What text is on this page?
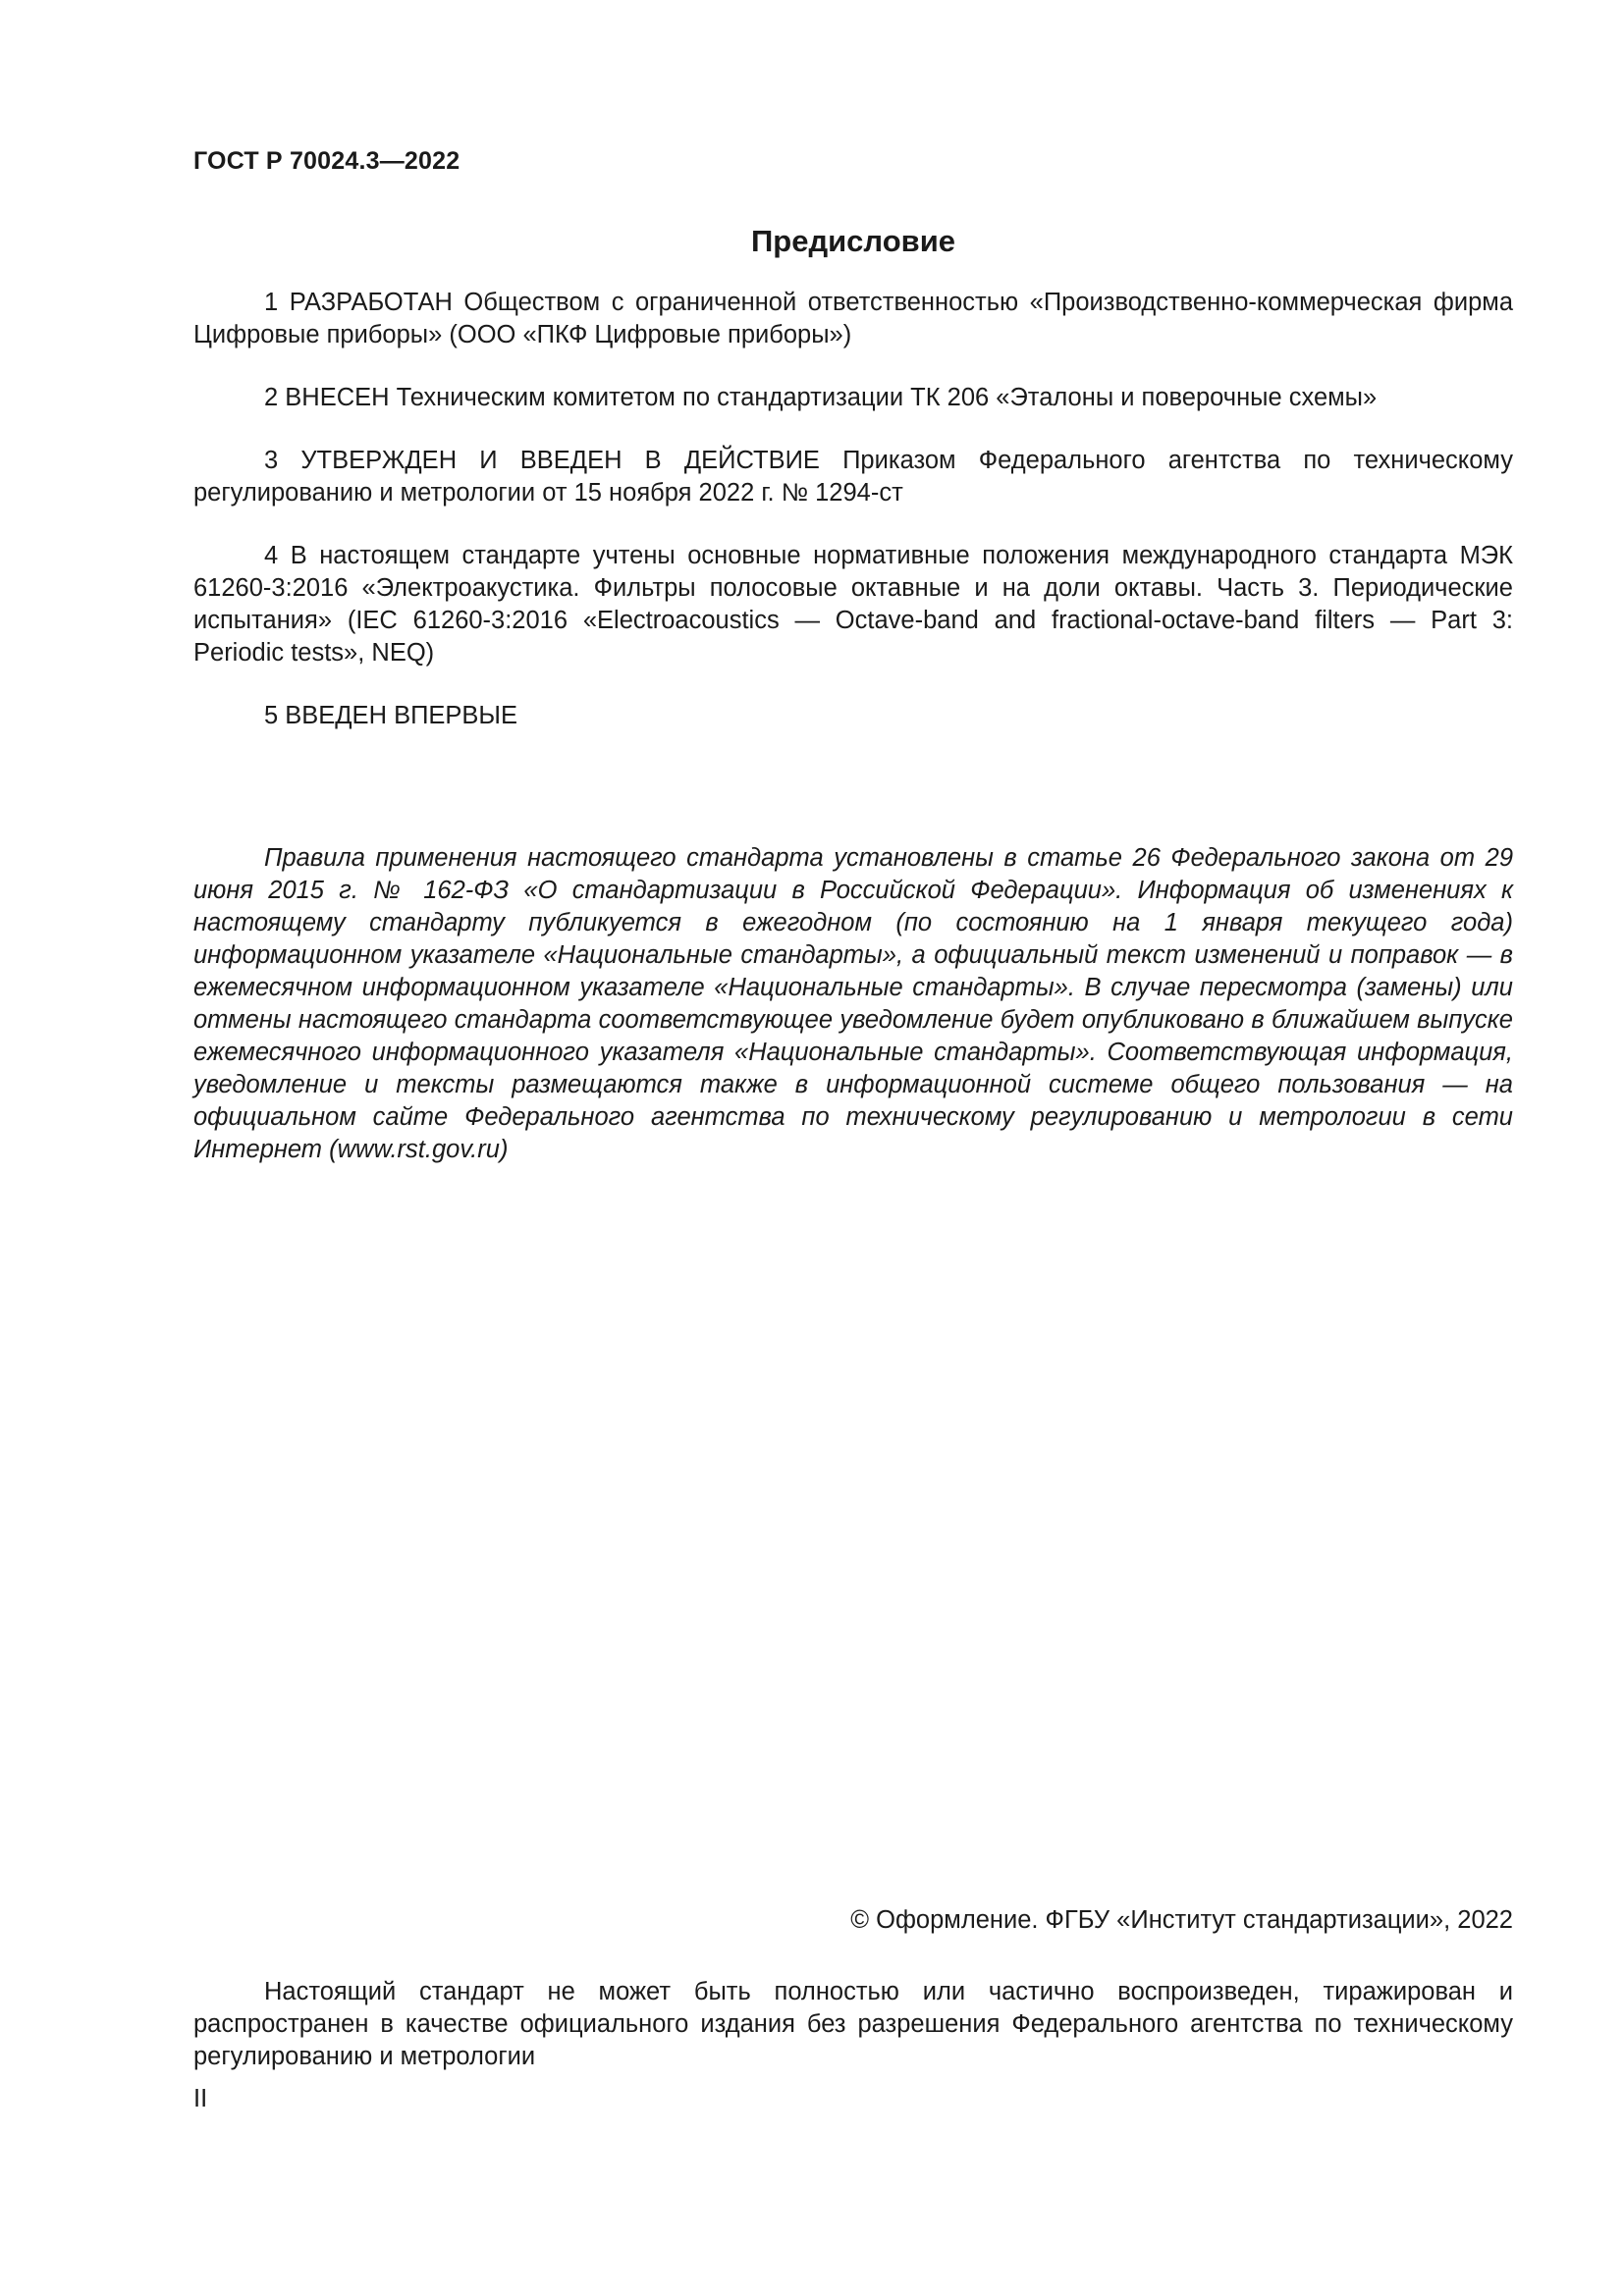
ГОСТ Р 70024.3—2022
Предисловие

1 РАЗРАБОТАН Обществом с ограниченной ответственностью «Производственно-коммерческая фирма Цифровые приборы» (ООО «ПКФ Цифровые приборы»)

2 ВНЕСЕН Техническим комитетом по стандартизации ТК 206 «Эталоны и поверочные схемы»

3 УТВЕРЖДЕН И ВВЕДЕН В ДЕЙСТВИЕ Приказом Федерального агентства по техническому регулированию и метрологии от 15 ноября 2022 г. № 1294-ст

4 В настоящем стандарте учтены основные нормативные положения международного стандарта МЭК 61260-3:2016 «Электроакустика. Фильтры полосовые октавные и на доли октавы. Часть 3. Периодические испытания» (IEC 61260-3:2016 «Electroacoustics — Octave-band and fractional-octave-band filters — Part 3: Periodic tests», NEQ)

5 ВВЕДЕН ВПЕРВЫЕ

Правила применения настоящего стандарта установлены в статье 26 Федерального закона от 29 июня 2015 г. № 162-ФЗ «О стандартизации в Российской Федерации». Информация об изменениях к настоящему стандарту публикуется в ежегодном (по состоянию на 1 января текущего года) информационном указателе «Национальные стандарты», а официальный текст изменений и поправок — в ежемесячном информационном указателе «Национальные стандарты». В случае пересмотра (замены) или отмены настоящего стандарта соответствующее уведомление будет опубликовано в ближайшем выпуске ежемесячного информационного указателя «Национальные стандарты». Соответствующая информация, уведомление и тексты размещаются также в информационной системе общего пользования — на официальном сайте Федерального агентства по техническому регулированию и метрологии в сети Интернет (www.rst.gov.ru)

© Оформление. ФГБУ «Институт стандартизации», 2022

Настоящий стандарт не может быть полностью или частично воспроизведен, тиражирован и распространен в качестве официального издания без разрешения Федерального агентства по техническому регулированию и метрологии

II
